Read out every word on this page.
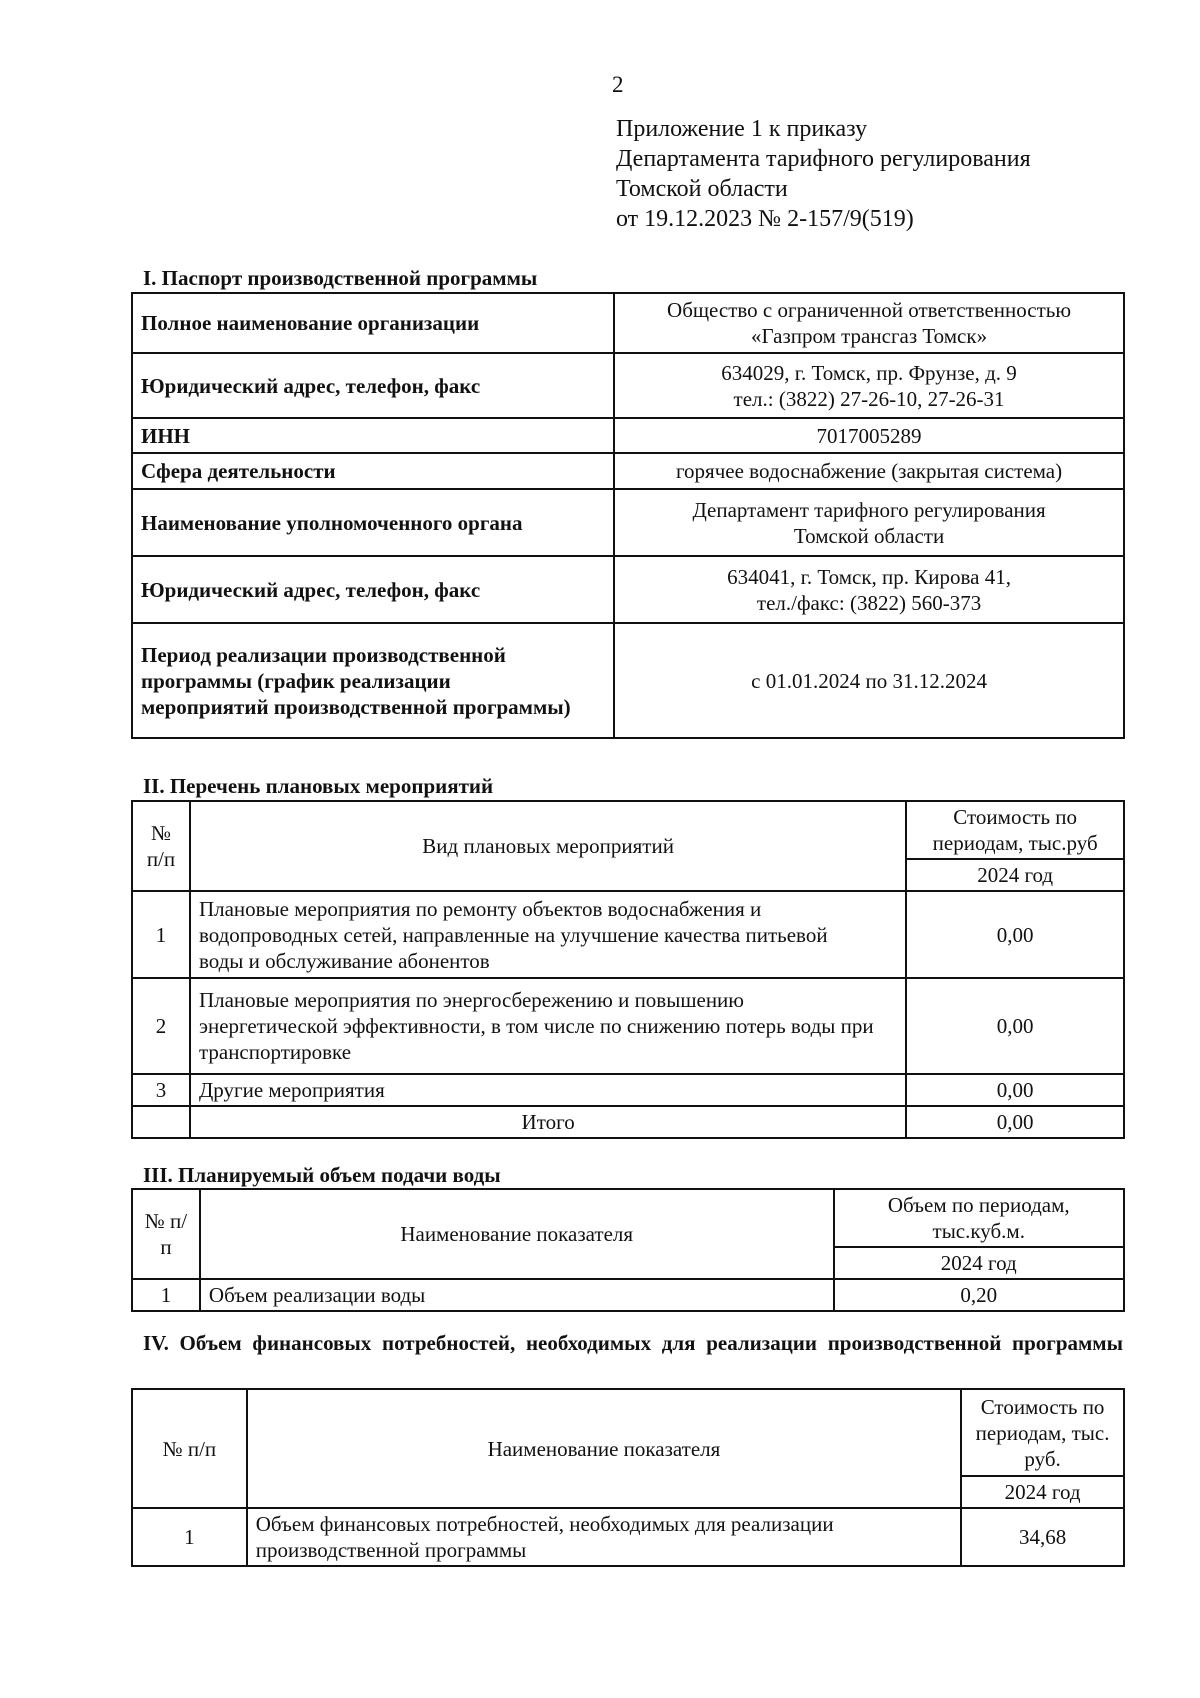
2
Приложение 1 к приказу
Департамента тарифного регулирования
Томской области
от 19.12.2023 № 2-157/9(519)
I. Паспорт производственной программы
Полное наименование организации	Общество с ограниченной ответственностью
«Газпром трансгаз Томск»

Юридический адрес, телефон, факс	634029, г. Томск, пр. Фрунзе, д. 9
тел.: (3822) 27-26-10, 27-26-31

ИНН	7017005289
Сфера деятельности	горячее водоснабжение (закрытая система)
Наименование уполномоченного органа	Департамент тарифного регулирования
Томской области

Юридический адрес, телефон, факс	634041, г. Томск, пр. Кирова 41,
тел./факс: (3822) 560-373

Период реализации производственной программы (график реализации мероприятий производственной программы)	с 01.01.2024 по 31.12.2024
II. Перечень плановых мероприятий
№ п/п	Вид плановых мероприятий	Стоимость по периодам, тыс.руб
		2024 год
1	Плановые мероприятия по ремонту объектов водоснабжения и водопроводных сетей, направленные на улучшение качества питьевой воды и обслуживание абонентов	0,00
2	Плановые мероприятия по энергосбережению и повышению энергетической эффективности, в том числе по снижению потерь воды при транспортировке	0,00
3	Другие мероприятия	0,00
	Итого	0,00
III. Планируемый объем подачи воды
№ п/п	Наименование показателя	Объем по периодам, тыс.куб.м.
		2024 год
1	Объем реализации воды	0,20
IV. Объем финансовых потребностей, необходимых для реализации производственной программы
№ п/п	Наименование показателя	Стоимость по периодам, тыс. руб.
		2024 год
1	Объем финансовых потребностей, необходимых для реализации производственной программы	34,68
